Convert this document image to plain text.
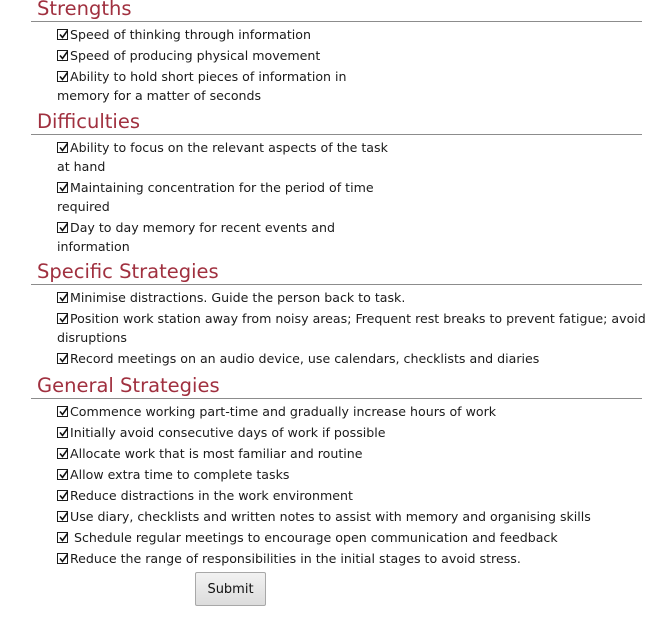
Strengths
Speed of thinking through information
Speed of producing physical movement
Ability to hold short pieces of information in
memory for a matter of seconds
Difficulties
Ability to focus on the relevant aspects of the task
at hand
Maintaining concentration for the period of time
required
Day to day memory for recent events and
information
Specific Strategies
Minimise distractions. Guide the person back to task.
Position work station away from noisy areas; Frequent rest breaks to prevent fatigue; avoid
disruptions
Record meetings on an audio device, use calendars, checklists and diaries
General Strategies
Commence working part-time and gradually increase hours of work
Initially avoid consecutive days of work if possible
Allocate work that is most familiar and routine
Allow extra time to complete tasks
Reduce distractions in the work environment
Use diary, checklists and written notes to assist with memory and organising skills
Schedule regular meetings to encourage open communication and feedback
Reduce the range of responsibilities in the initial stages to avoid stress.
Submit
